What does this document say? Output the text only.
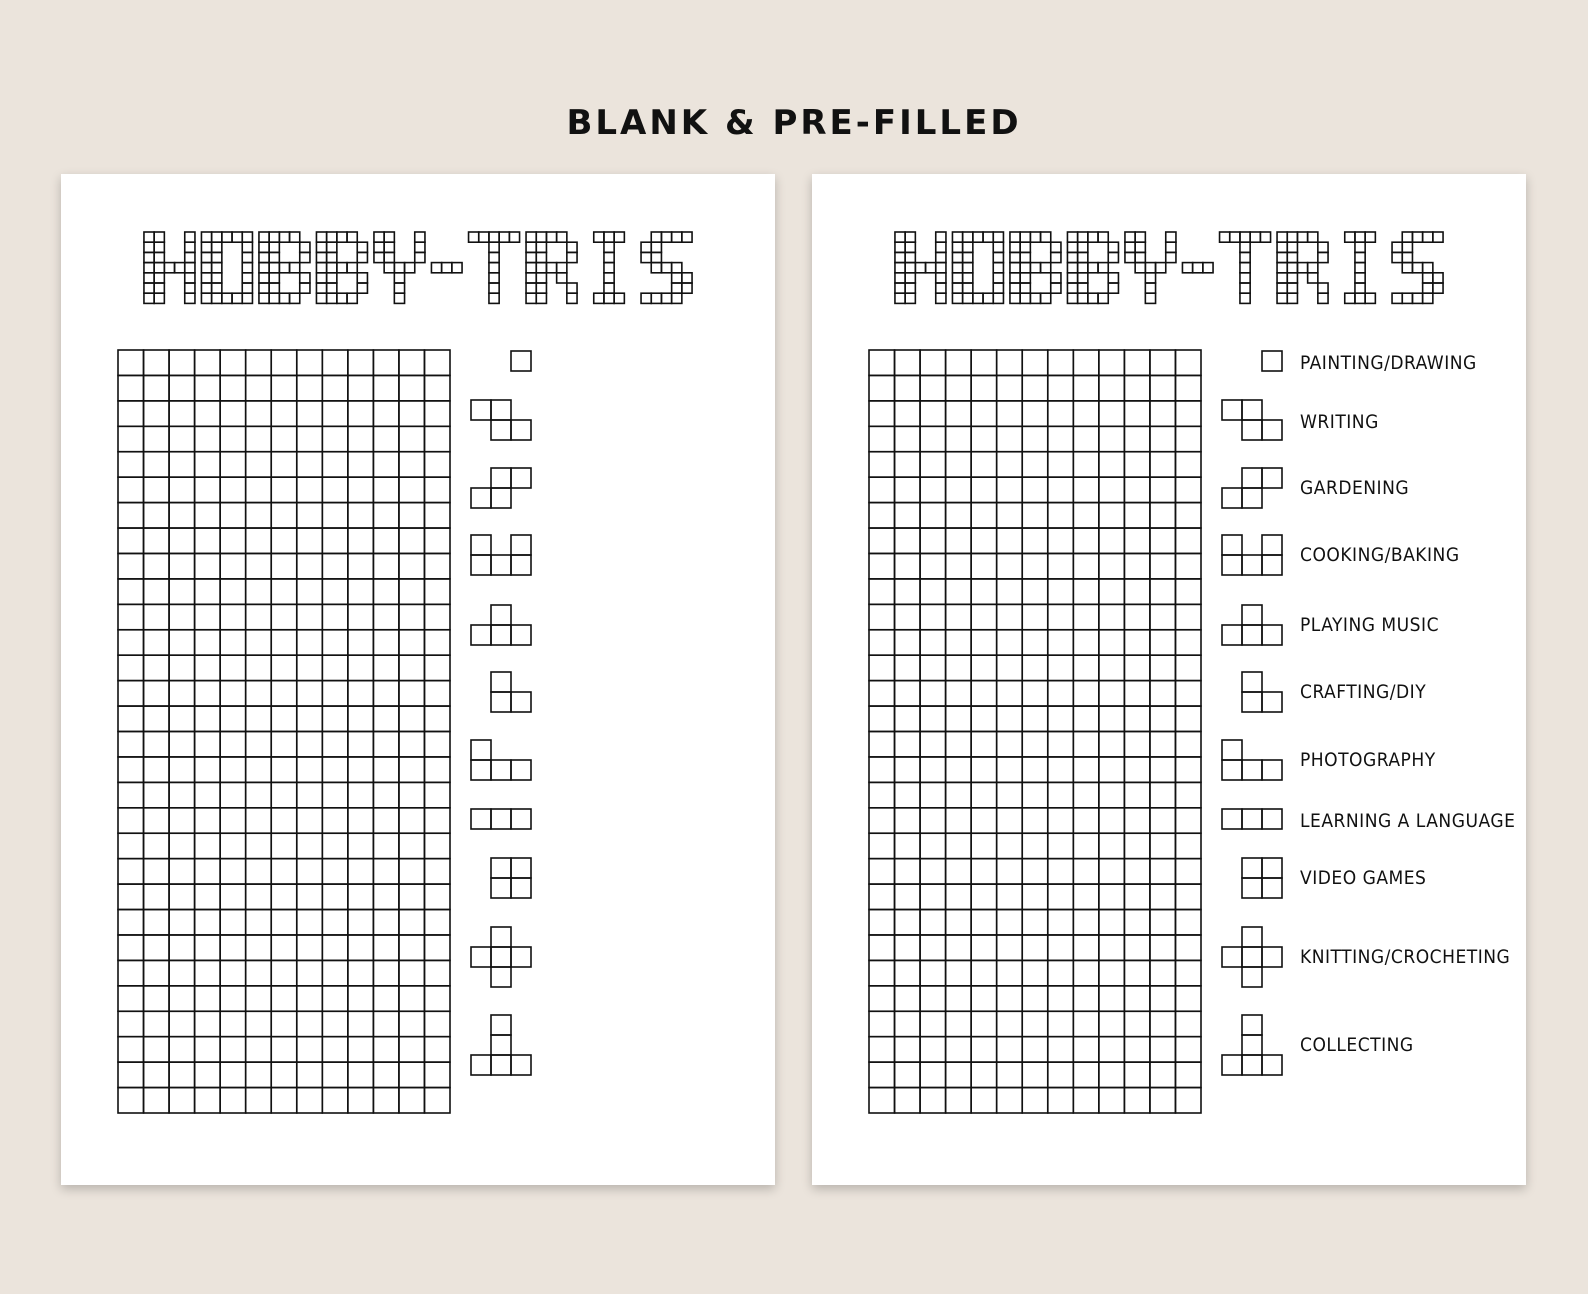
BLANK & PRE-FILLED
PAINTING/DRAWING
WRITING
GARDENING
COOKING/BAKING
PLAYING MUSIC
CRAFTING/DIY
PHOTOGRAPHY
LEARNING A LANGUAGE
VIDEO GAMES
KNITTING/CROCHETING
COLLECTING
